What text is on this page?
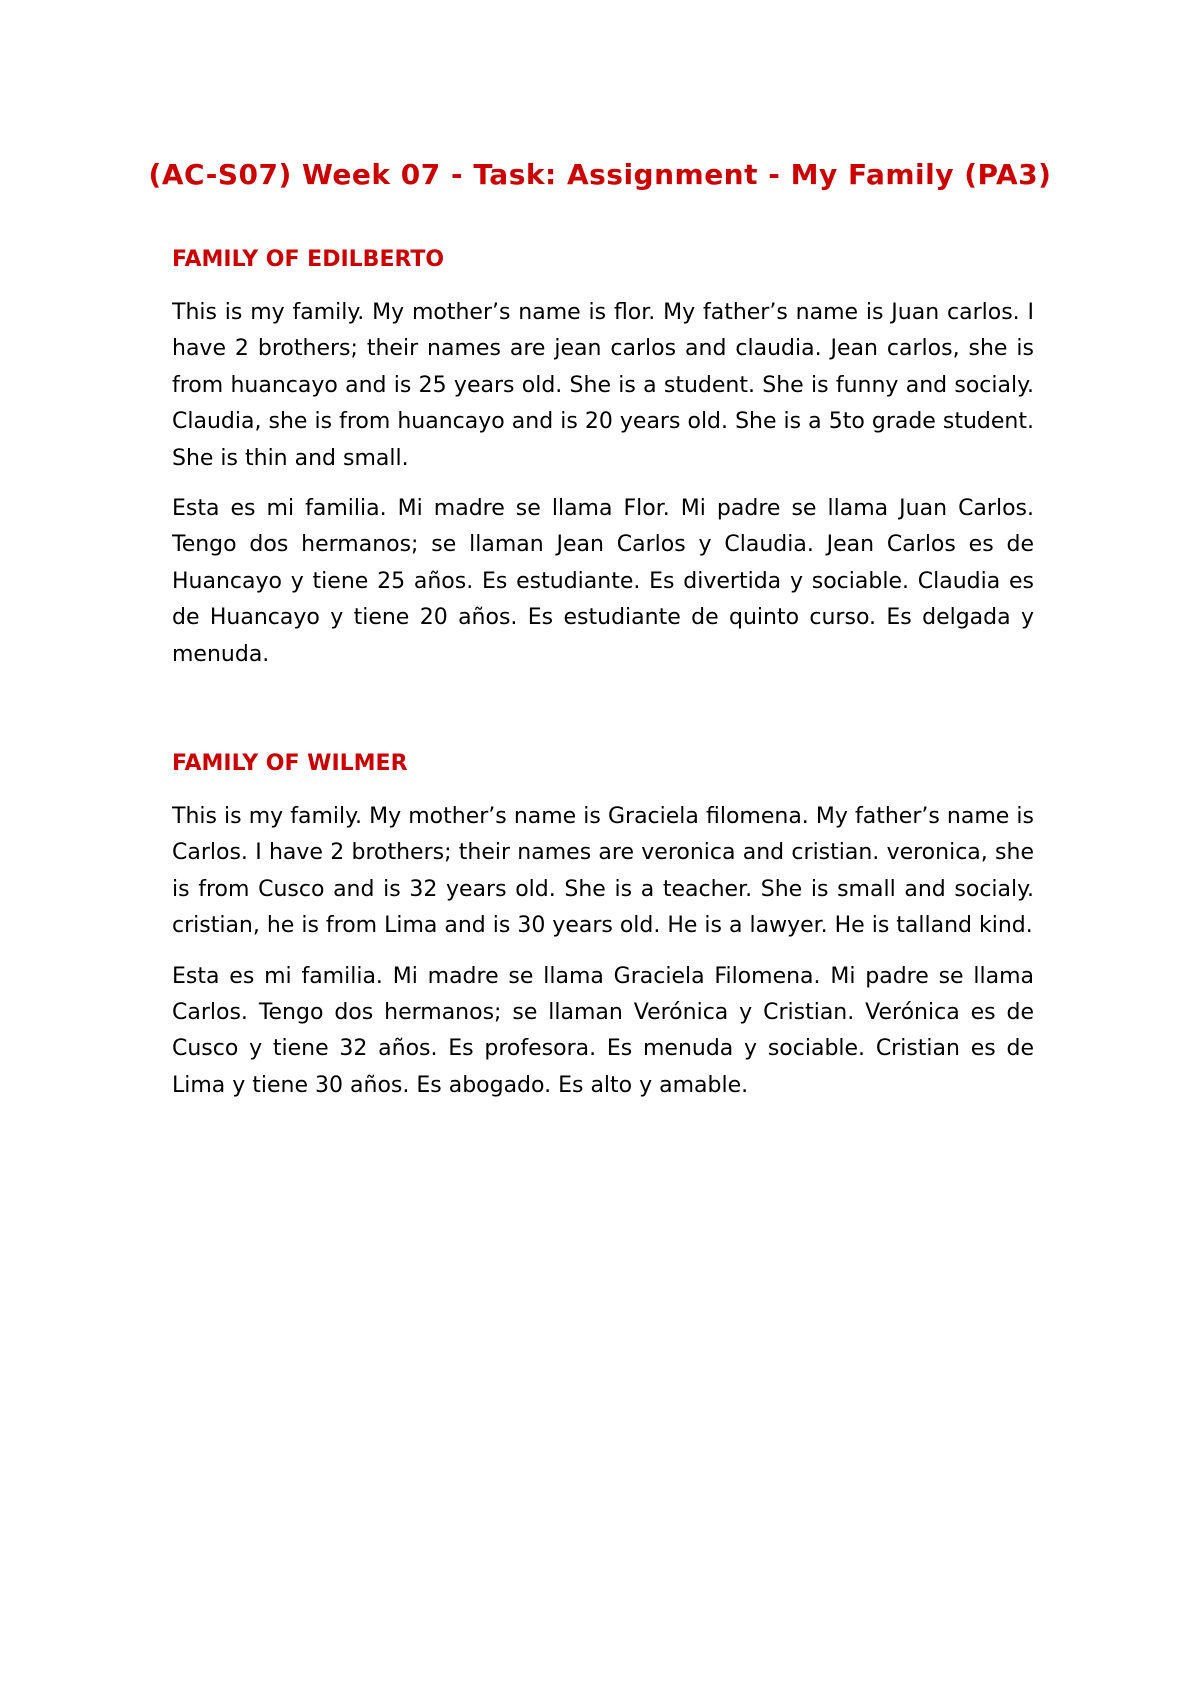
(AC-S07) Week 07 - Task: Assignment - My Family (PA3)
FAMILY OF EDILBERTO

This is my family. My mother’s name is flor. My father’s name is Juan carlos. I have 2 brothers; their names are jean carlos and claudia. Jean carlos, she is from huancayo and is 25 years old. She is a student. She is funny and socialy. Claudia, she is from huancayo and is 20 years old. She is a 5to grade student. She is thin and small.

Esta es mi familia. Mi madre se llama Flor. Mi padre se llama Juan Carlos. Tengo dos hermanos; se llaman Jean Carlos y Claudia. Jean Carlos es de Huancayo y tiene 25 años. Es estudiante. Es divertida y sociable. Claudia es de Huancayo y tiene 20 años. Es estudiante de quinto curso. Es delgada y menuda.

FAMILY OF WILMER

This is my family. My mother’s name is Graciela filomena. My father’s name is Carlos. I have 2 brothers; their names are veronica and cristian. veronica, she is from Cusco and is 32 years old. She is a teacher. She is small and socialy. cristian, he is from Lima and is 30 years old. He is a lawyer. He is talland kind.

Esta es mi familia. Mi madre se llama Graciela Filomena. Mi padre se llama Carlos. Tengo dos hermanos; se llaman Verónica y Cristian. Verónica es de Cusco y tiene 32 años. Es profesora. Es menuda y sociable. Cristian es de Lima y tiene 30 años. Es abogado. Es alto y amable.
